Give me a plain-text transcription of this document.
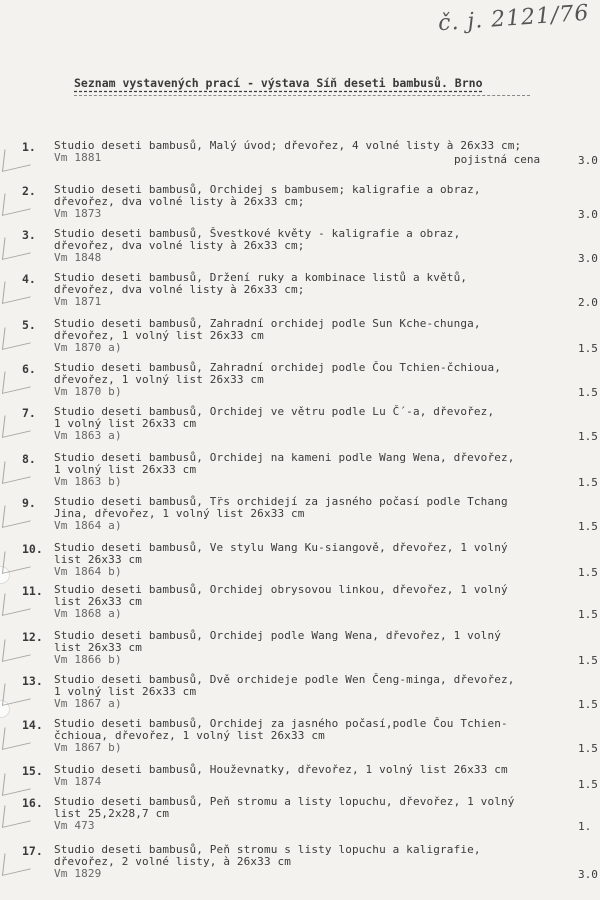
č. j. 2121/76
Seznam vystavených prací - výstava Síň deseti bambusů. Brno
1. Studio deseti bambusů, Malý úvod; dřevořez, 4 volné listy à 26x33 cm;
Vm 1881	pojistná cena	3.0
2. Studio deseti bambusů, Orchidej s bambusem; kaligrafie a obraz,
dřevořez, dva volné listy à 26x33 cm;
Vm 1873	3.0
3. Studio deseti bambusů, Švestkové květy - kaligrafie a obraz,
dřevořez, dva volné listy à 26x33 cm;
Vm 1848	3.0
4. Studio deseti bambusů, Držení ruky a kombinace listů a květů,
dřevořez, dva volné listy à 26x33 cm;
Vm 1871	2.0
5. Studio deseti bambusů, Zahradní orchidej podle Sun Kche-chunga,
dřevořez, 1 volný list 26x33 cm
Vm 1870 a)	1.5
6. Studio deseti bambusů, Zahradní orchidej podle Čou Tchien-čchioua,
dřevořez, 1 volný list 26x33 cm
Vm 1870 b)	1.5
7. Studio deseti bambusů, Orchidej ve větru podle Lu Č´-a, dřevořez,
1 volný list 26x33 cm
Vm 1863 a)	1.5
8. Studio deseti bambusů, Orchidej na kameni podle Wang Wena, dřevořez,
1 volný list 26x33 cm
Vm 1863 b)	1.5
9. Studio deseti bambusů, Tr̈s orchidejí za jasného počasí podle Tchang
Jina, dřevořez, 1 volný list 26x33 cm
Vm 1864 a)	1.5
10. Studio deseti bambusů, Ve stylu Wang Ku-siangově, dřevořez, 1 volný
list 26x33 cm
Vm 1864 b)	1.5
11. Studio deseti bambusů, Orchidej obrysovou linkou, dřevořez, 1 volný
list 26x33 cm
Vm 1868 a)	1.5
12. Studio deseti bambusů, Orchidej podle Wang Wena, dřevořez, 1 volný
list 26x33 cm
Vm 1866 b)	1.5
13. Studio deseti bambusů, Dvě orchideje podle Wen Čeng-minga, dřevořez,
1 volný list 26x33 cm
Vm 1867 a)	1.5
14. Studio deseti bambusů, Orchidej za jasného počasí,podle Čou Tchien-
čchioua, dřevořez, 1 volný list 26x33 cm
Vm 1867 b)	1.5
15. Studio deseti bambusů, Houževnatky, dřevořez, 1 volný list 26x33 cm
Vm 1874	1.5
16. Studio deseti bambusů, Peň stromu a listy lopuchu, dřevořez, 1 volný
list 25,2x28,7 cm
Vm 473	1.
17. Studio deseti bambusů, Peň stromu s listy lopuchu a kaligrafie,
dřevořez, 2 volné listy, à 26x33 cm
Vm 1829	3.0
